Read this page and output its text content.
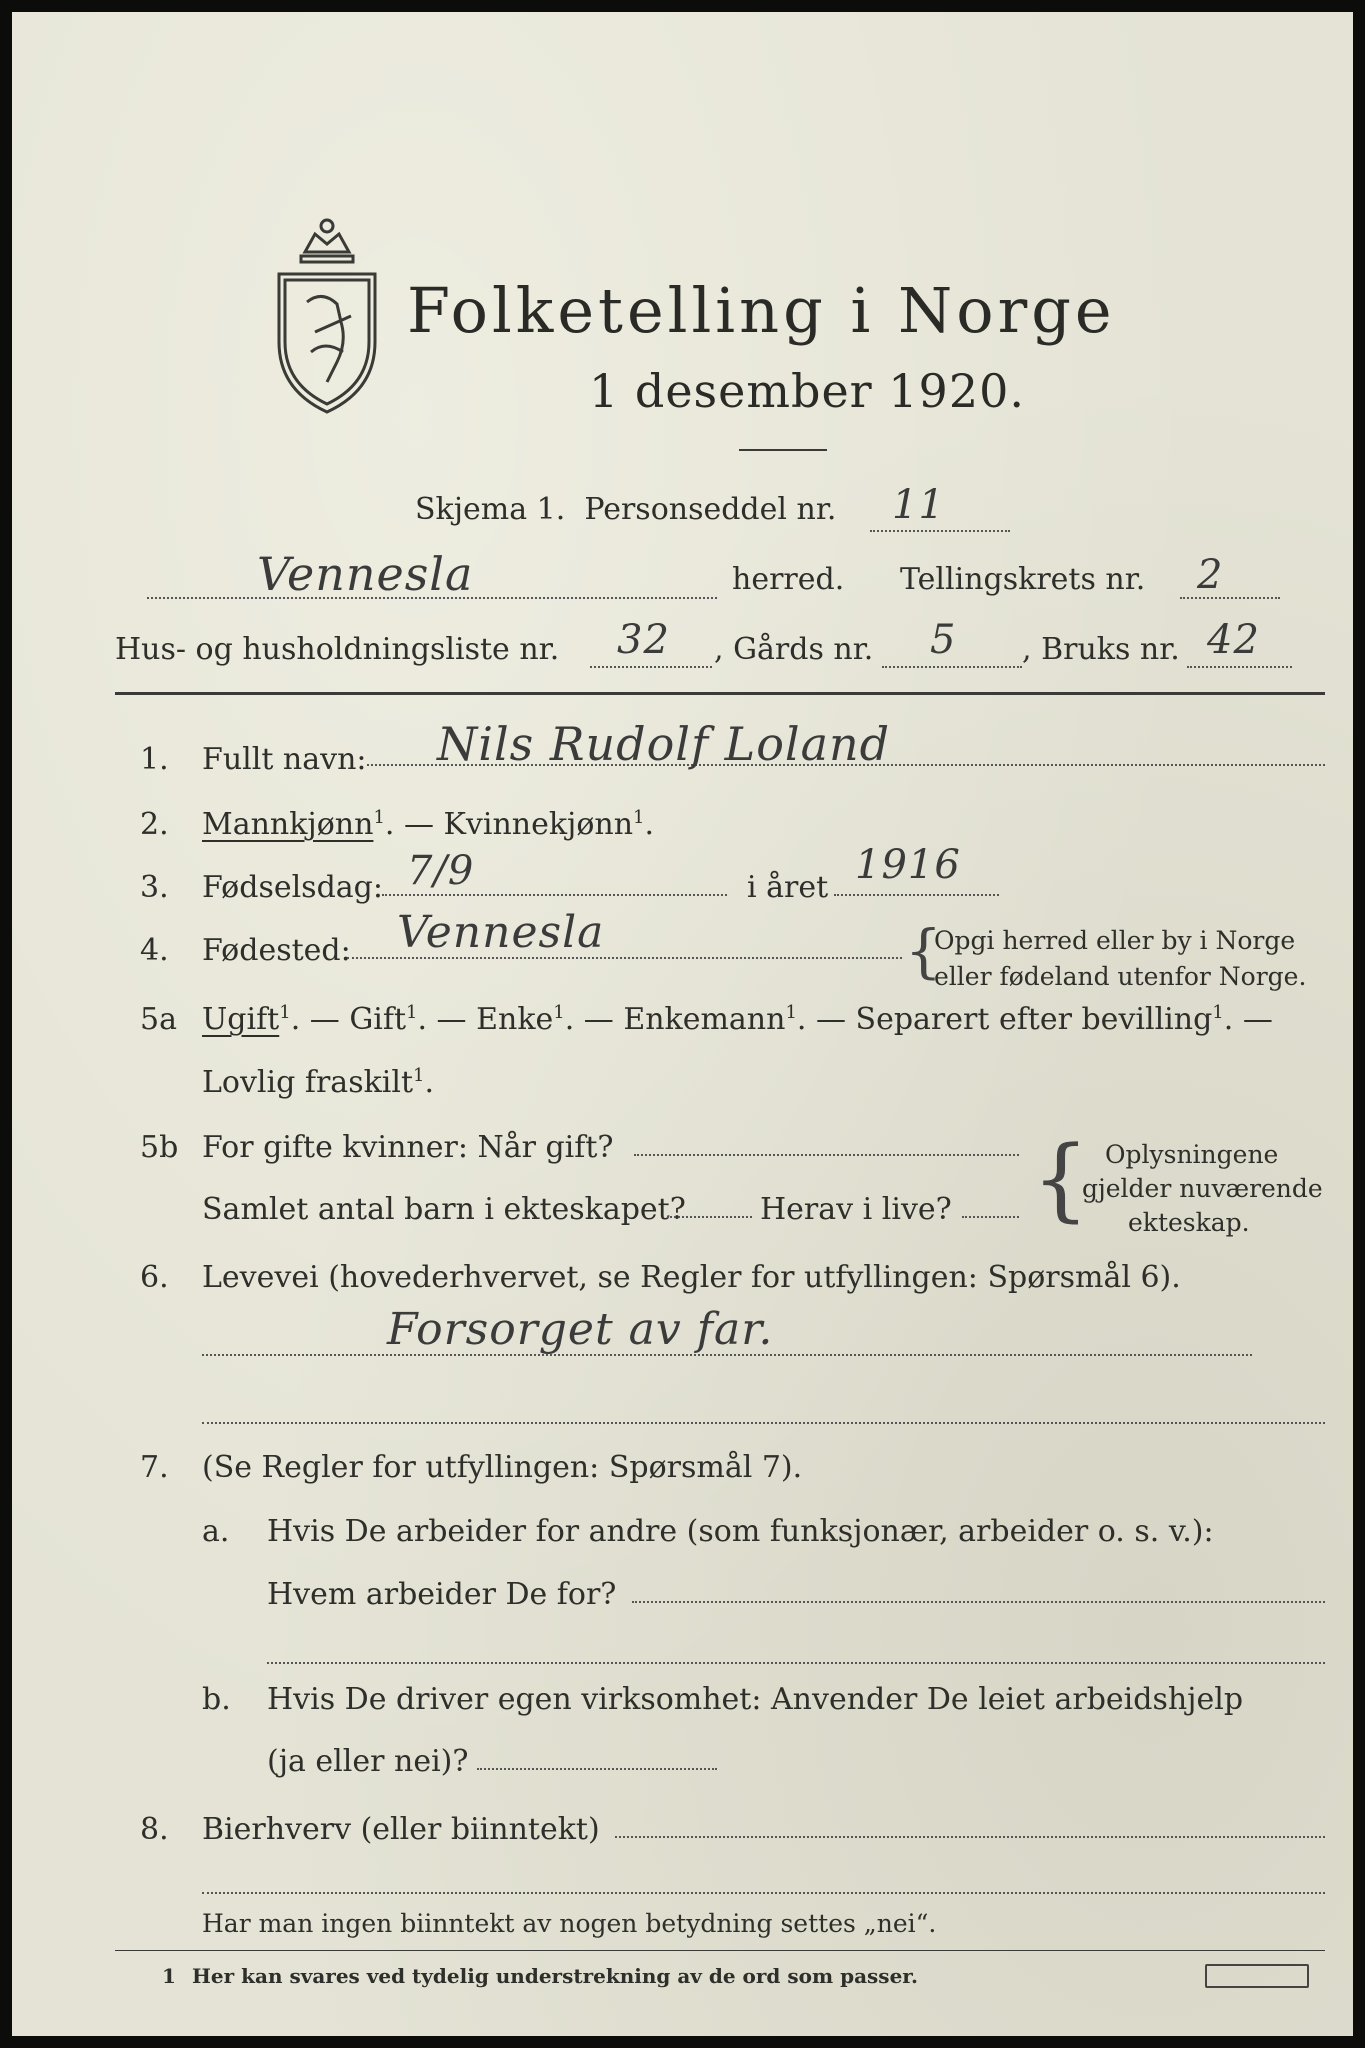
Folketelling i Norge
1 desember 1920.
Skjema 1. Personseddel nr. 11
Vennesla	herred. Tellingskrets nr. 2
Hus- og husholdningsliste nr. 32 , Gårds nr. 5 , Bruks nr. 42
1. Fullt navn: Nils Rudolf Loland
2. Mannkjønn$^1$. — Kvinnekjønn$^1$.
3. Fødselsdag: 7/9	i året 1916
4. Fødested: Vennesla	{
Opgi herred eller by i Norge
eller fødeland utenfor Norge.
5a Ugift$^1$. — Gift$^1$. — Enke$^1$. — Enkemann$^1$. — Separert efter bevilling$^1$. —
Lovlig fraskilt$^1$.
5b For gifte kvinner: Når gift?
Samlet antal barn i ekteskapet? Herav i live? { Oplysningene
gjelder nuværende
ekteskap.
6. Levevei (hovederhvervet, se Regler for utfyllingen: Spørsmål 6).
Forsorget av far.
7. (Se Regler for utfyllingen: Spørsmål 7).
a. Hvis De arbeider for andre (som funksjonær, arbeider o. s. v.):
Hvem arbeider De for?
b. Hvis De driver egen virksomhet: Anvender De leiet arbeidshjelp
(ja eller nei)?
8. Bierhverv (eller biinntekt)
Har man ingen biinntekt av nogen betydning settes „nei“.
1 Her kan svares ved tydelig understrekning av de ord som passer.
